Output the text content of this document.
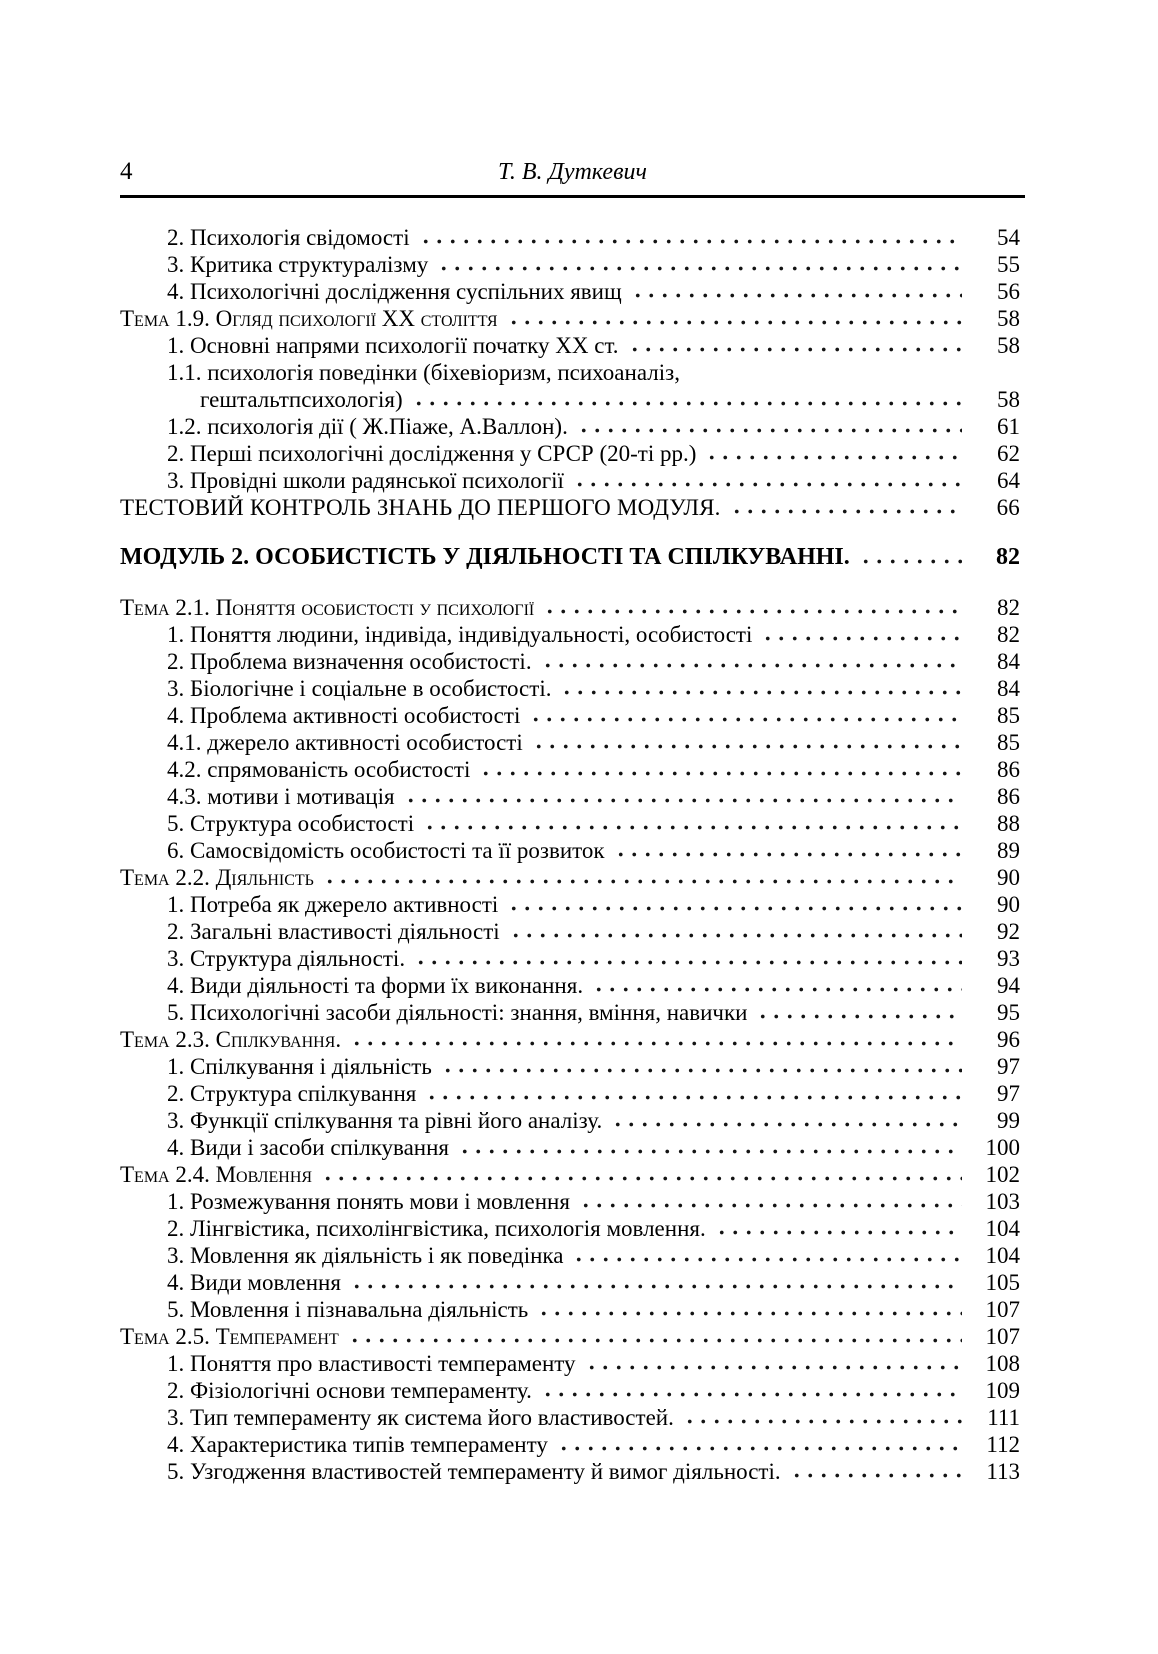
4	Т. В. Дуткевич
2. Психологія свідомості	54
3. Критика структуралізму	55
4. Психологічні дослідження суспільних явищ	56
Тема 1.9. Огляд психології ХХ століття	58
1. Основні напрями психології початку ХХ ст.	58
1.1. психологія поведінки (біхевіоризм, психоаналіз,
гештальтпсихологія)	58
1.2. психологія дії ( Ж.Піаже, А.Валлон).	61
2. Перші психологічні дослідження у СРСР (20-ті рр.)	62
3. Провідні школи радянської психології	64
ТЕСТОВИЙ КОНТРОЛЬ ЗНАНЬ ДО ПЕРШОГО МОДУЛЯ.	66
МОДУЛЬ 2. ОСОБИСТІСТЬ У ДІЯЛЬНОСТІ ТА СПІЛКУВАННІ.	82
Тема 2.1. Поняття особистості у психології	82
1. Поняття людини, індивіда, індивідуальності, особистості	82
2. Проблема визначення особистості.	84
3. Біологічне і соціальне в особистості.	84
4. Проблема активності особистості	85
4.1. джерело активності особистості	85
4.2. спрямованість особистості	86
4.3. мотиви і мотивація	86
5. Структура особистості	88
6. Самосвідомість особистості та її розвиток	89
Тема 2.2. Діяльність	90
1. Потреба як джерело активності	90
2. Загальні властивості діяльності	92
3. Структура діяльності.	93
4. Види діяльності та форми їх виконання.	94
5. Психологічні засоби діяльності: знання, вміння, навички	95
Тема 2.3. Спілкування.	96
1. Спілкування і діяльність	97
2. Структура спілкування	97
3. Функції спілкування та рівні його аналізу.	99
4. Види і засоби спілкування	100
Тема 2.4. Мовлення	102
1. Розмежування понять мови і мовлення	103
2. Лінгвістика, психолінгвістика, психологія мовлення.	104
3. Мовлення як діяльність і як поведінка	104
4. Види мовлення	105
5. Мовлення і пізнавальна діяльність	107
Тема 2.5. Темперамент	107
1. Поняття про властивості темпераменту	108
2. Фізіологічні основи темпераменту.	109
3. Тип темпераменту як система його властивостей.	111
4. Характеристика типів темпераменту	112
5. Узгодження властивостей темпераменту й вимог діяльності.	113
